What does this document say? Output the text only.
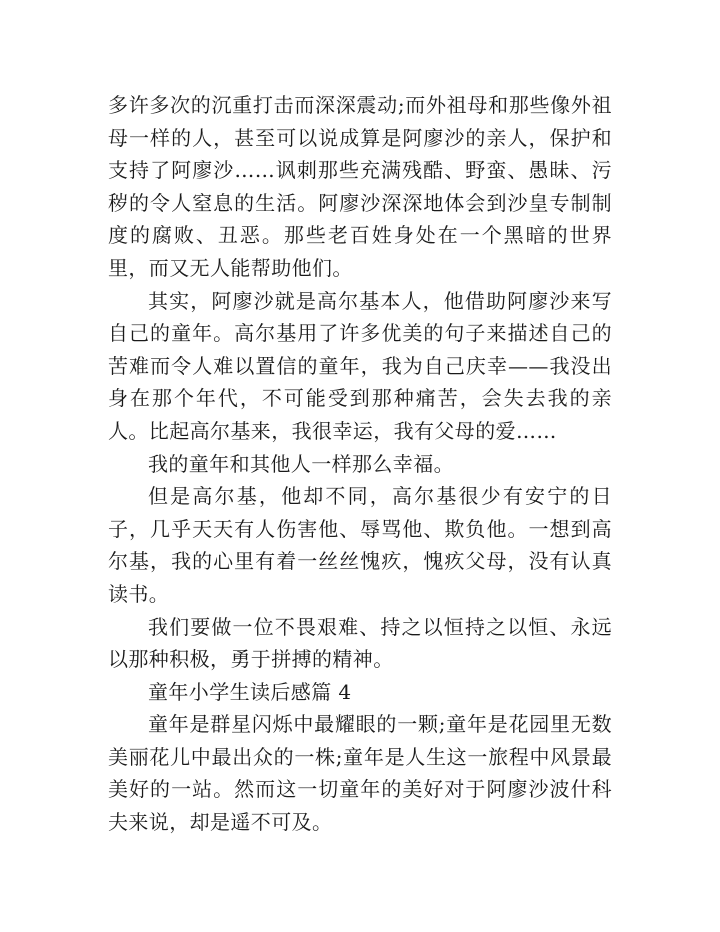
多许多次的沉重打击而深深震动;而外祖母和那些像外祖母一样的人，甚至可以说成算是阿廖沙的亲人，保护和支持了阿廖沙……讽刺那些充满残酷、野蛮、愚昧、污秽的令人窒息的生活。阿廖沙深深地体会到沙皇专制制度的腐败、丑恶。那些老百姓身处在一个黑暗的世界里，而又无人能帮助他们。

其实，阿廖沙就是高尔基本人，他借助阿廖沙来写自己的童年。高尔基用了许多优美的句子来描述自己的苦难而令人难以置信的童年，我为自己庆幸——我没出身在那个年代，不可能受到那种痛苦，会失去我的亲人。比起高尔基来，我很幸运，我有父母的爱……

我的童年和其他人一样那么幸福。

但是高尔基，他却不同，高尔基很少有安宁的日子，几乎天天有人伤害他、辱骂他、欺负他。一想到高尔基，我的心里有着一丝丝愧疚，愧疚父母，没有认真读书。

我们要做一位不畏艰难、持之以恒持之以恒、永远以那种积极，勇于拼搏的精神。

童年小学生读后感篇 4

童年是群星闪烁中最耀眼的一颗;童年是花园里无数美丽花儿中最出众的一株;童年是人生这一旅程中风景最美好的一站。然而这一切童年的美好对于阿廖沙波什科夫来说，却是遥不可及。
